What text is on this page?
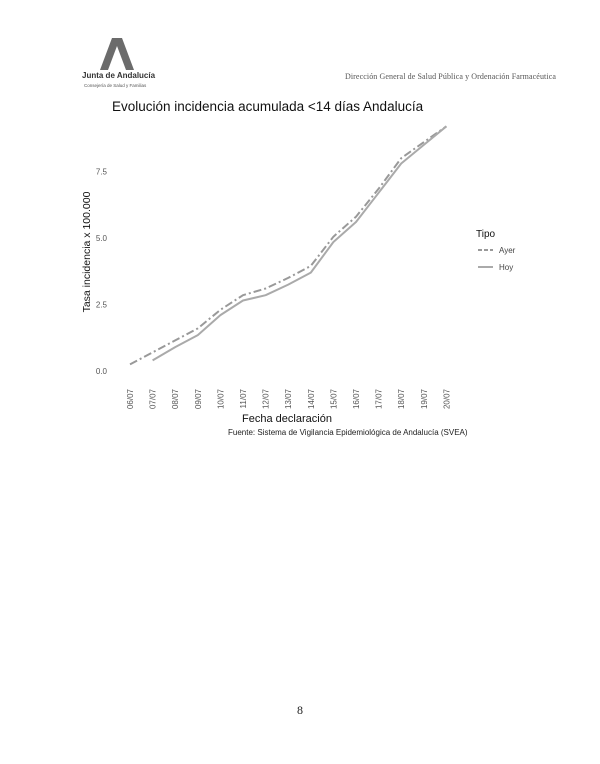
Junta de Andalucía
Consejería de Salud y Familias
Dirección General de Salud Pública y Ordenación Farmacéutica
Evolución incidencia acumulada <14 días Andalucía
0.0
2.5
5.0
7.5
Tasa incidencia x 100.000
06/07 07/07 08/07 09/07 10/07 11/07 12/07 13/07 14/07 15/07 16/07 17/07 18/07 19/07 20/07
Fecha declaración
Fuente: Sistema de Vigilancia Epidemiológica de Andalucía (SVEA)
Tipo
Ayer
Hoy
8
